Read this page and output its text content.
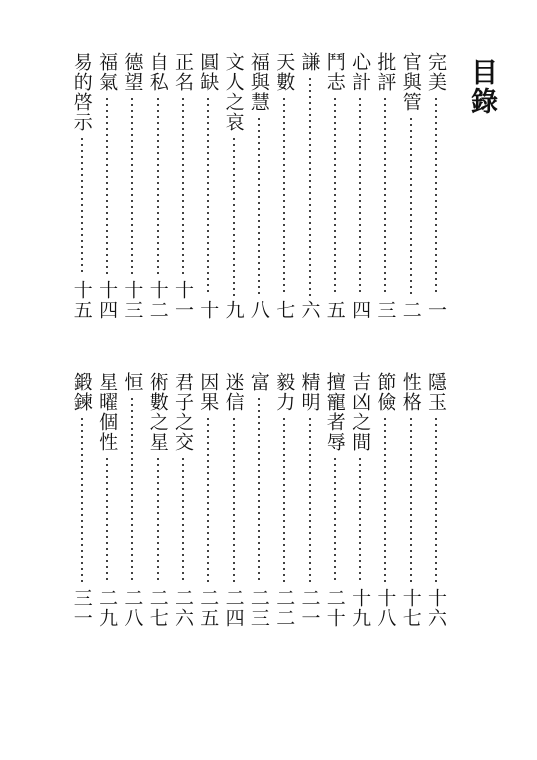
目錄
完美
一
官與管
二
批評
三
心計
四
鬥志
五
謙
六
天數
七
福與慧
八
文人之哀
九
圓缺
十
正名
十一
自私
十二
德望
十三
福氣
十四
易的啓示
十五
隱玉
十六
性格
十七
節儉
十八
吉凶之間
十九
擅寵者辱
二十
精明
二一
毅力
二二
富
二三
迷信
二四
因果
二五
君子之交
二六
術數之星
二七
恒
二八
星曜個性
二九
鍛鍊
三一
